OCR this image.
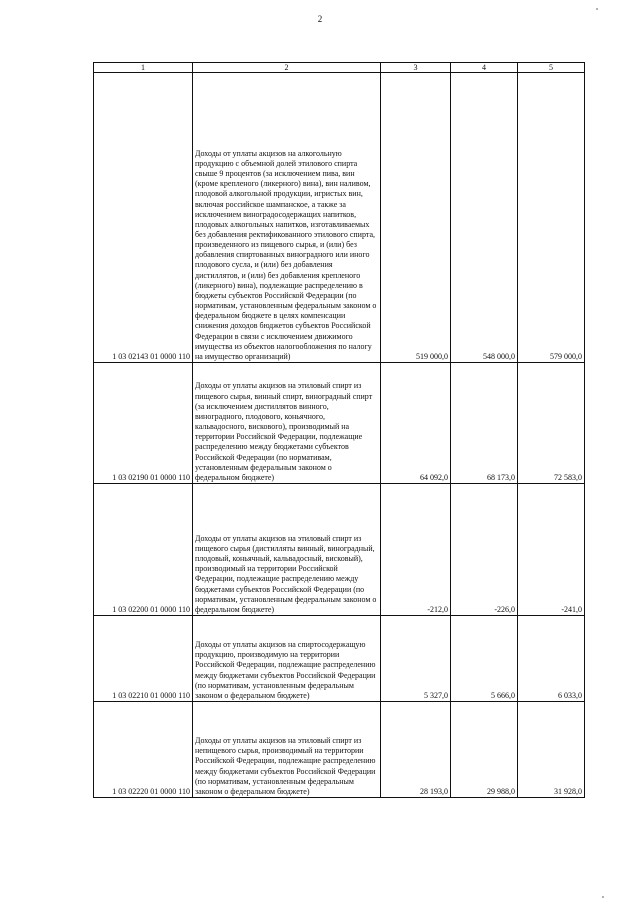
2
1	2	3	4	5
1 03 02143 01 0000 110	Доходы от уплаты акцизов на алкогольную продукцию с объемной долей этилового спирта свыше 9 процентов (за исключением пива, вин (кроме крепленого (ликерного) вина), вин наливом, плодовой алкогольной продукции, игристых вин, включая российское шампанское, а также за исключением виноградосодержащих напитков, плодовых алкогольных напитков, изготавливаемых без добавления ректификованного этилового спирта, произведенного из пищевого сырья, и (или) без добавления спиртованных виноградного или иного плодового сусла, и (или) без добавления дистиллятов, и (или) без добавления крепленого (ликерного) вина), подлежащие распределению в бюджеты субъектов Российской Федерации (по нормативам, установленным федеральным законом о федеральном бюджете в целях компенсации снижения доходов бюджетов субъектов Российской Федерации в связи с исключением движимого имущества из объектов налогообложения по налогу на имущество организаций)	519 000,0	548 000,0	579 000,0
1 03 02190 01 0000 110	Доходы от уплаты акцизов на этиловый спирт из пищевого сырья, винный спирт, виноградный спирт (за исключением дистиллятов винного, виноградного, плодового, коньячного, кальвадосного, вискового), производимый на территории Российской Федерации, подлежащие распределению между бюджетами субъектов Российской Федерации (по нормативам, установленным федеральным законом о федеральном бюджете)	64 092,0	68 173,0	72 583,0
1 03 02200 01 0000 110	Доходы от уплаты акцизов на этиловый спирт из пищевого сырья (дистилляты винный, виноградный, плодовый, коньячный, кальвадосный, висковый), производимый на территории Российской Федерации, подлежащие распределению между бюджетами субъектов Российской Федерации (по нормативам, установленным федеральным законом о федеральном бюджете)	-212,0	-226,0	-241,0
1 03 02210 01 0000 110	Доходы от уплаты акцизов на спиртосодержащую продукцию, производимую на территории Российской Федерации, подлежащие распределению между бюджетами субъектов Российской Федерации (по нормативам, установленным федеральным законом о федеральном бюджете)	5 327,0	5 666,0	6 033,0
1 03 02220 01 0000 110	Доходы от уплаты акцизов на этиловый спирт из непищевого сырья, производимый на территории Российской Федерации, подлежащие распределению между бюджетами субъектов Российской Федерации (по нормативам, установленным федеральным законом о федеральном бюджете)	28 193,0	29 988,0	31 928,0
